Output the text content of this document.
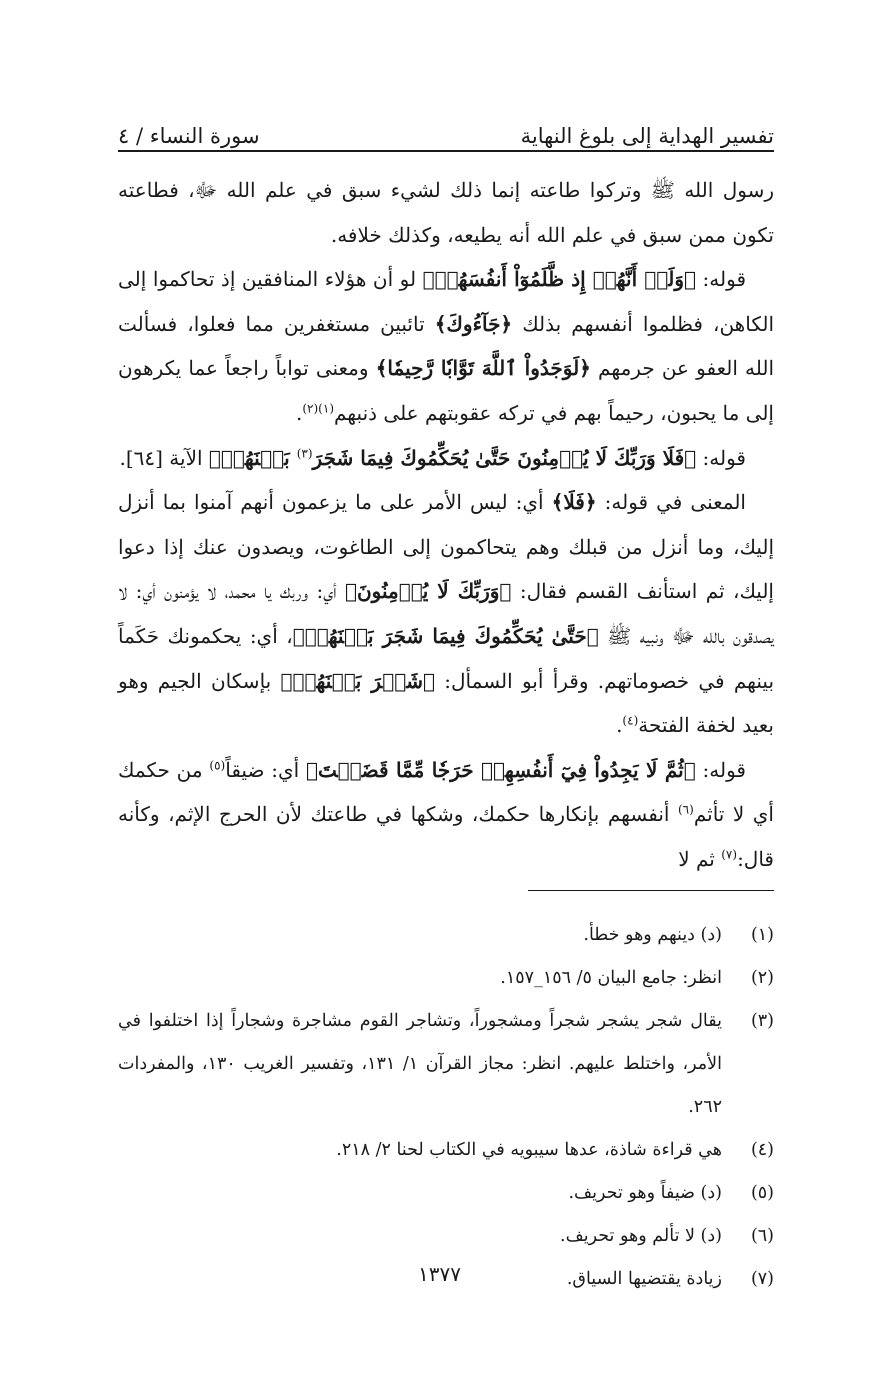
تفسير الهداية إلى بلوغ النهاية
سورة النساء / ٤

رسول الله ﷺ وتركوا طاعته إنما ذلك لشيء سبق في علم الله ﷻ، فطاعته تكون ممن سبق في علم الله أنه يطيعه، وكذلك خلافه.

قوله: ﴿وَلَوۡ أَنَّهُمۡ إِذ ظَّلَمُوٓاْ أَنفُسَهُمۡ﴾ لو أن هؤلاء المنافقين إذ تحاكموا إلى الكاهن، فظلموا أنفسهم بذلك ﴿جَآءُوكَ﴾ تائبين مستغفرين مما فعلوا، فسألت الله العفو عن جرمهم ﴿لَوَجَدُواْ ٱللَّهَ تَوَّابٗا رَّحِيمٗا﴾ ومعنى تواباً راجعاً عما يكرهون إلى ما يحبون، رحيماً بهم في تركه عقوبتهم على ذنبهم$^{(١)(٢)}$.

قوله: ﴿فَلَا وَرَبِّكَ لَا يُؤۡمِنُونَ حَتَّىٰ يُحَكِّمُوكَ فِيمَا شَجَرَ$^{(٣)}$ بَيۡنَهُمۡ﴾ الآية [٦٤].

المعنى في قوله: ﴿فَلَا﴾ أي: ليس الأمر على ما يزعمون أنهم آمنوا بما أنزل إليك، وما أنزل من قبلك وهم يتحاكمون إلى الطاغوت، ويصدون عنك إذا دعوا إليك، ثم استأنف القسم فقال: ﴿وَرَبِّكَ لَا يُؤۡمِنُونَ﴾ أي: وربك يا محمد، لا يؤمنون أي: لا يصدقون بالله ﷻ ونبيه ﷺ ﴿حَتَّىٰ يُحَكِّمُوكَ فِيمَا شَجَرَ بَيۡنَهُمۡ﴾، أي: يحكمونك حَكَماً بينهم في خصوماتهم. وقرأ أبو السمأل: ﴿شَجۡرَ بَيۡنَهُمۡ﴾ بإسكان الجيم وهو بعيد لخفة الفتحة$^{(٤)}$.

قوله: ﴿ثُمَّ لَا يَجِدُواْ فِيٓ أَنفُسِهِمۡ حَرَجٗا مِّمَّا قَضَيۡتَ﴾ أي: ضيقاً$^{(٥)}$ من حكمك أي لا تأثم$^{(٦)}$ أنفسهم بإنكارها حكمك، وشكها في طاعتك لأن الحرج الإثم، وكأنه قال:$^{(٧)}$ ثم لا

(١)
(د) دينهم وهو خطأ.
(٢)
انظر: جامع البيان ٥/ ١٥٦_١٥٧.
(٣)
يقال شجر يشجر شجراً ومشجوراً، وتشاجر القوم مشاجرة وشجاراً إذا اختلفوا في الأمر، واختلط عليهم. انظر: مجاز القرآن ١/ ١٣١، وتفسير الغريب ١٣٠، والمفردات ٢٦٢.
(٤)
هي قراءة شاذة، عدها سيبويه في الكتاب لحنا ٢/ ٢١٨.
(٥)
(د) ضيفاً وهو تحريف.
(٦)
(د) لا تألم وهو تحريف.
(٧)
زيادة يقتضيها السياق.
١٣٧٧
